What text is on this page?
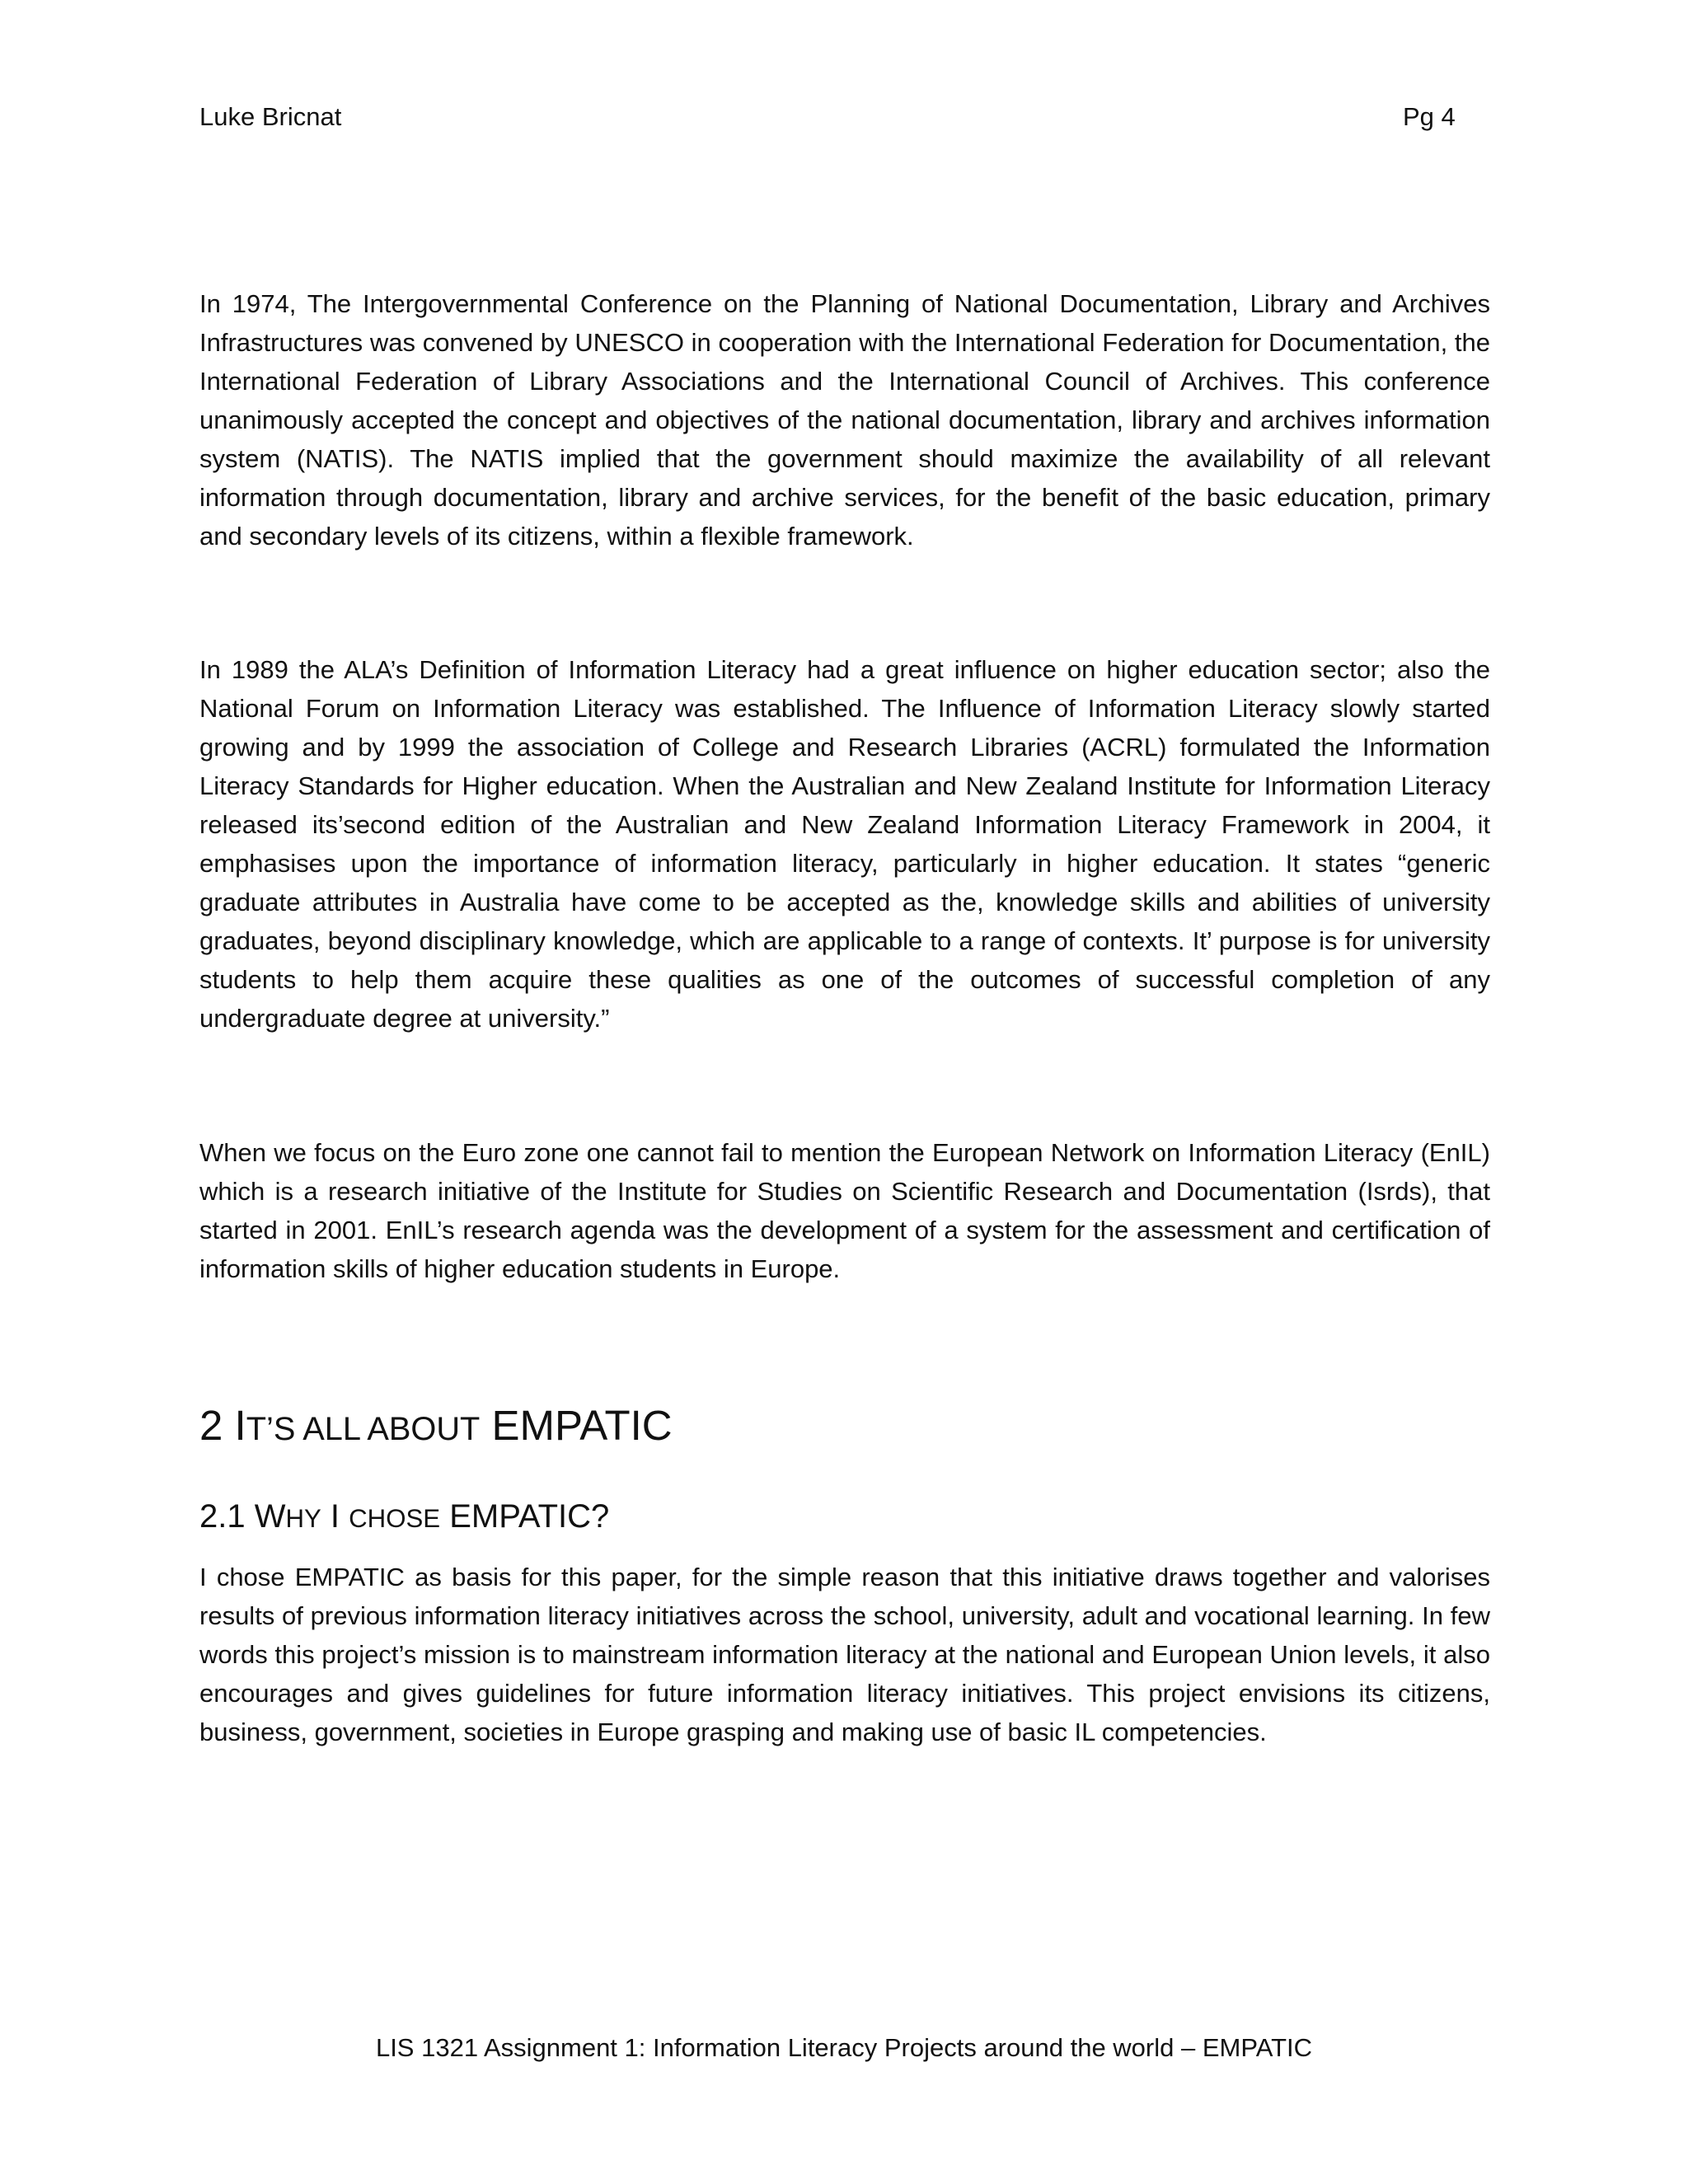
Luke Bricnat	Pg 4

In 1974, The Intergovernmental Conference on the Planning of National Documentation, Library and Archives Infrastructures was convened by UNESCO in cooperation with the International Federation for Documentation, the International Federation of Library Associations and the International Council of Archives. This conference unanimously accepted the concept and objectives of the national documentation, library and archives information system (NATIS). The NATIS implied that the government should maximize the availability of all relevant information through documentation, library and archive services, for the benefit of the basic education, primary and secondary levels of its citizens, within a flexible framework.

In 1989 the ALA’s Definition of Information Literacy had a great influence on higher education sector; also the National Forum on Information Literacy was established. The Influence of Information Literacy slowly started growing and by 1999 the association of College and Research Libraries (ACRL) formulated the Information Literacy Standards for Higher education. When the Australian and New Zealand Institute for Information Literacy released its’second edition of the Australian and New Zealand Information Literacy Framework in 2004, it emphasises upon the importance of information literacy, particularly in higher education. It states “generic graduate attributes in Australia have come to be accepted as the, knowledge skills and abilities of university graduates, beyond disciplinary knowledge, which are applicable to a range of contexts. It’ purpose is for university students to help them acquire these qualities as one of the outcomes of successful completion of any undergraduate degree at university.”

When we focus on the Euro zone one cannot fail to mention the European Network on Information Literacy (EnIL) which is a research initiative of the Institute for Studies on Scientific Research and Documentation (Isrds), that started in 2001. EnIL’s research agenda was the development of a system for the assessment and certification of information skills of higher education students in Europe.

2 IT’S ALL ABOUT EMPATIC
2.1 WHY I CHOSE EMPATIC?

I chose EMPATIC as basis for this paper, for the simple reason that this initiative draws together and valorises results of previous information literacy initiatives across the school, university, adult and vocational learning. In few words this project’s mission is to mainstream information literacy at the national and European Union levels, it also encourages and gives guidelines for future information literacy initiatives. This project envisions its citizens, business, government, societies in Europe grasping and making use of basic IL competencies.

LIS 1321 Assignment 1: Information Literacy Projects around the world – EMPATIC
